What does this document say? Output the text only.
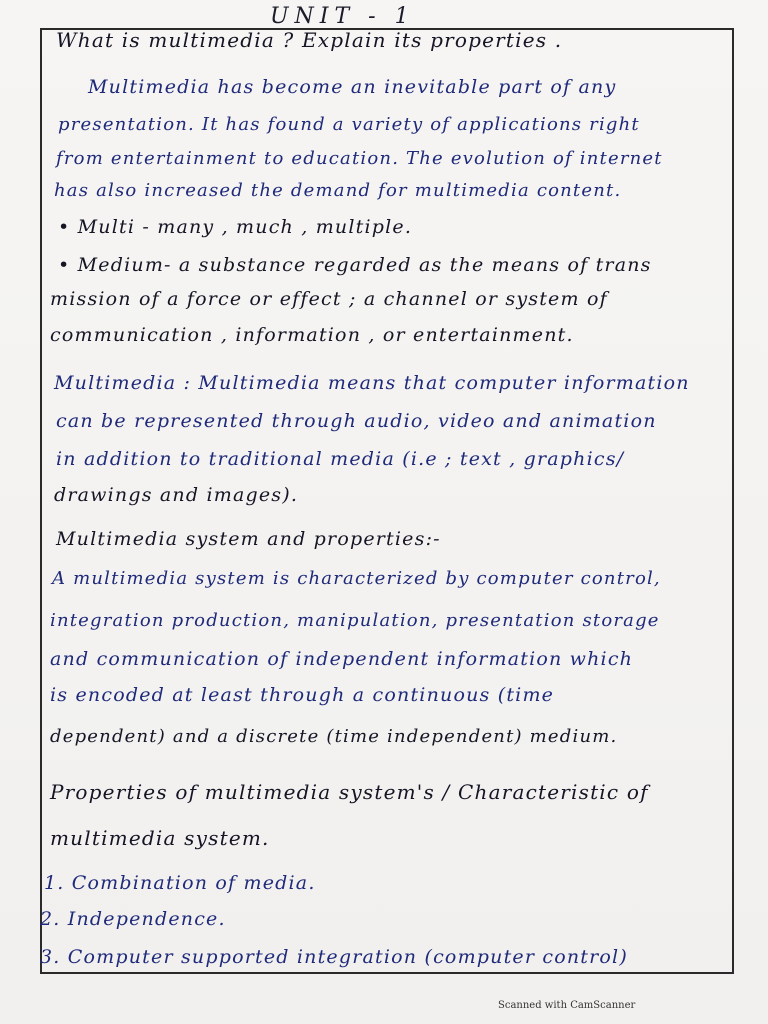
UNIT - 1
What is multimedia ? Explain its properties .
Multimedia has become an inevitable part of any
presentation. It has found a variety of applications right
from entertainment to education. The evolution of internet
has also increased the demand for multimedia content.
• Multi - many , much , multiple.
• Medium- a substance regarded as the means of trans
mission of a force or effect ; a channel or system of
communication , information , or entertainment.
Multimedia : Multimedia means that computer information
can be represented through audio, video and animation
in addition to traditional media (i.e ; text , graphics/
drawings and images).
Multimedia system and properties:-
A multimedia system is characterized by computer control,
integration production, manipulation, presentation storage
and communication of independent information which
is encoded at least through a continuous (time
dependent) and a discrete (time independent) medium.
Properties of multimedia system's / Characteristic of
multimedia system.
1. Combination of media.
2. Independence.
3. Computer supported integration (computer control)
Scanned with CamScanner
